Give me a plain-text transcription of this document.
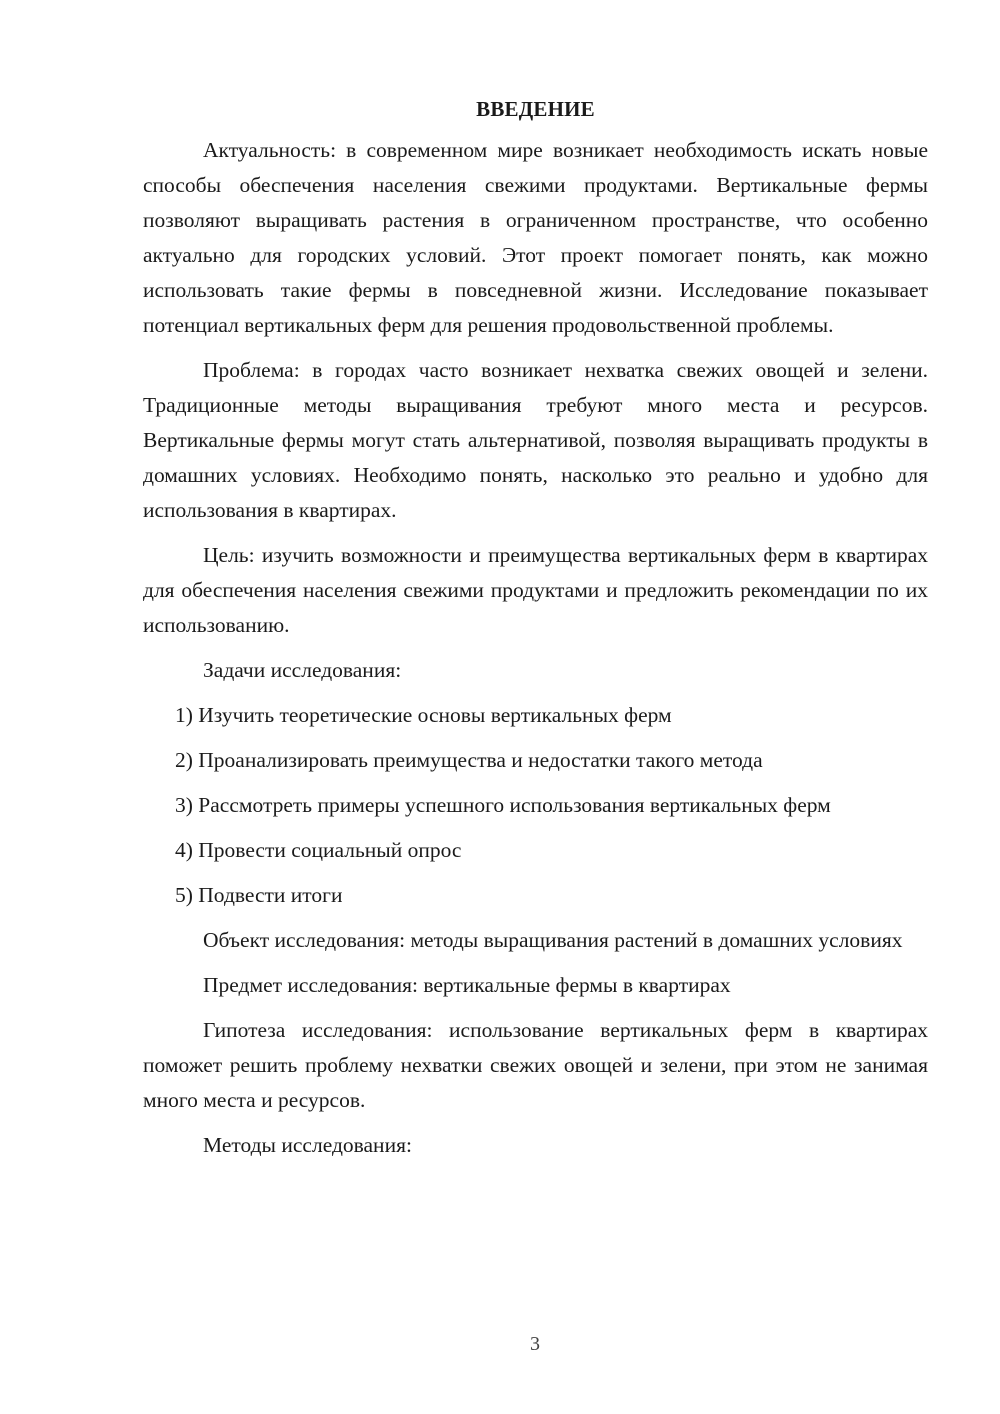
ВВЕДЕНИЕ

Актуальность: в современном мире возникает необходимость искать новые способы обеспечения населения свежими продуктами. Вертикальные фермы позволяют выращивать растения в ограниченном пространстве, что особенно актуально для городских условий. Этот проект помогает понять, как можно использовать такие фермы в повседневной жизни. Исследование показывает потенциал вертикальных ферм для решения продовольственной проблемы.

Проблема: в городах часто возникает нехватка свежих овощей и зелени. Традиционные методы выращивания требуют много места и ресурсов. Вертикальные фермы могут стать альтернативой, позволяя выращивать продукты в домашних условиях. Необходимо понять, насколько это реально и удобно для использования в квартирах.

Цель: изучить возможности и преимущества вертикальных ферм в квартирах для обеспечения населения свежими продуктами и предложить рекомендации по их использованию.

Задачи исследования:

1) Изучить теоретические основы вертикальных ферм

2) Проанализировать преимущества и недостатки такого метода

3) Рассмотреть примеры успешного использования вертикальных ферм

4) Провести социальный опрос

5) Подвести итоги

Объект исследования: методы выращивания растений в домашних условиях

Предмет исследования: вертикальные фермы в квартирах

Гипотеза исследования: использование вертикальных ферм в квартирах поможет решить проблему нехватки свежих овощей и зелени, при этом не занимая много места и ресурсов.

Методы исследования:

3
